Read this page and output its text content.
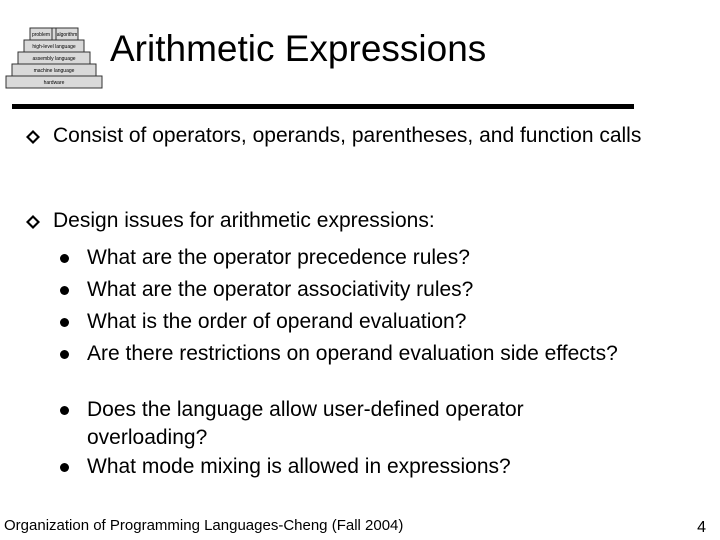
problem algorithm
high-level language
assembly language
machine language
hardware
Arithmetic Expressions
Consist of operators, operands, parentheses, and function calls
Design issues for arithmetic expressions:
What are the operator precedence rules?
What are the operator associativity rules?
What is the order of operand evaluation?
Are there restrictions on operand evaluation side effects?
Does the language allow user-defined operator overloading?
What mode mixing is allowed in expressions?
Organization of Programming Languages-Cheng (Fall 2004)	4
